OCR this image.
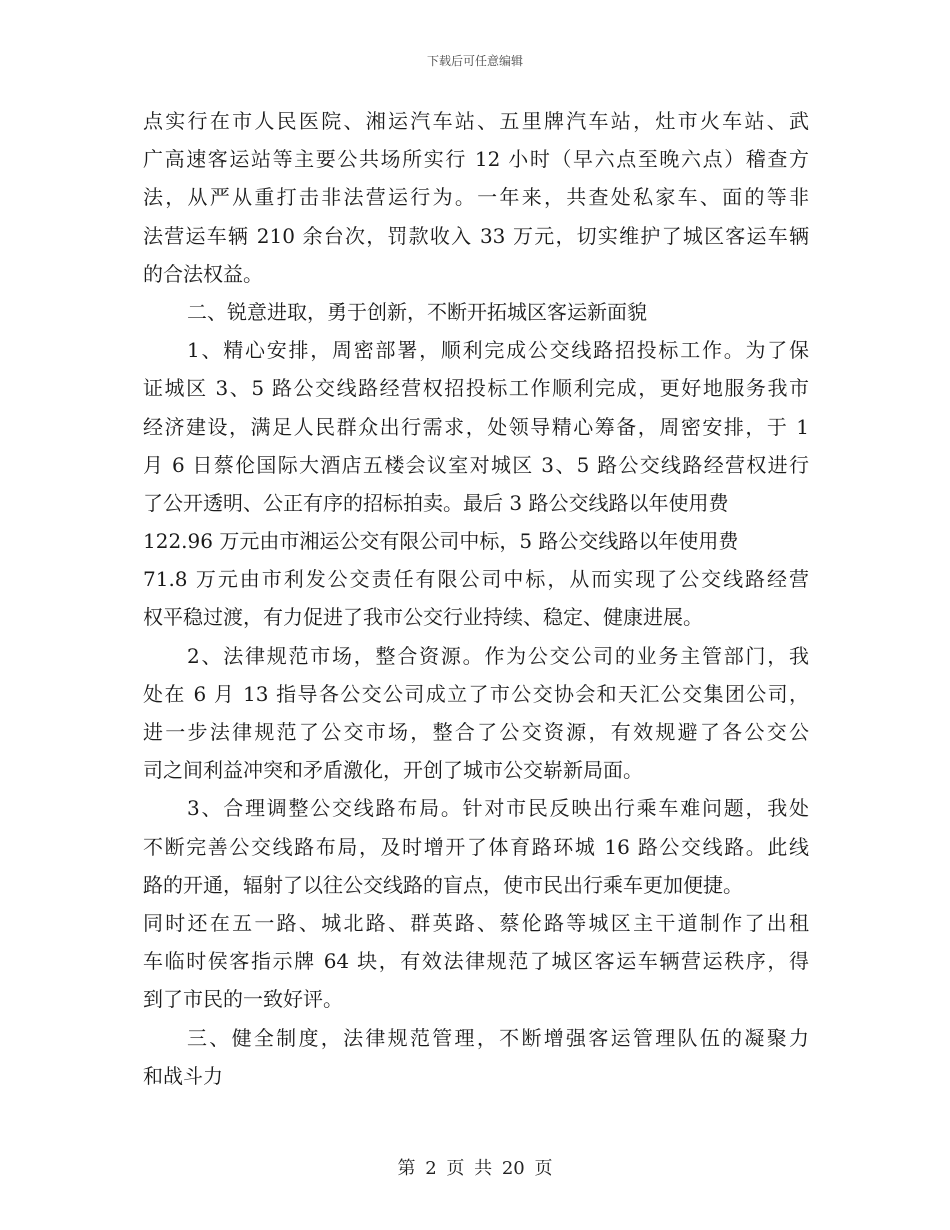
下载后可任意编辑
点实行在市人民医院、湘运汽车站、五里牌汽车站，灶市火车站、武
广高速客运站等主要公共场所实行 12 小时（早六点至晚六点）稽查方
法，从严从重打击非法营运行为。一年来，共查处私家车、面的等非
法营运车辆 210 余台次，罚款收入 33 万元，切实维护了城区客运车辆
的合法权益。
二、锐意进取，勇于创新，不断开拓城区客运新面貌
1、精心安排，周密部署，顺利完成公交线路招投标工作。为了保
证城区 3、5 路公交线路经营权招投标工作顺利完成，更好地服务我市
经济建设，满足人民群众出行需求，处领导精心筹备，周密安排，于 1
月 6 日蔡伦国际大酒店五楼会议室对城区 3、5 路公交线路经营权进行
了公开透明、公正有序的招标拍卖。最后 3 路公交线路以年使用费
122.96 万元由市湘运公交有限公司中标，5 路公交线路以年使用费
71.8 万元由市利发公交责任有限公司中标，从而实现了公交线路经营
权平稳过渡，有力促进了我市公交行业持续、稳定、健康进展。
2、法律规范市场，整合资源。作为公交公司的业务主管部门，我
处在 6 月 13 指导各公交公司成立了市公交协会和天汇公交集团公司，
进一步法律规范了公交市场，整合了公交资源，有效规避了各公交公
司之间利益冲突和矛盾激化，开创了城市公交崭新局面。
3、合理调整公交线路布局。针对市民反映出行乘车难问题，我处
不断完善公交线路布局，及时增开了体育路环城 16 路公交线路。此线
路的开通，辐射了以往公交线路的盲点，使市民出行乘车更加便捷。
同时还在五一路、城北路、群英路、蔡伦路等城区主干道制作了出租
车临时侯客指示牌 64 块，有效法律规范了城区客运车辆营运秩序，得
到了市民的一致好评。
三、健全制度，法律规范管理，不断增强客运管理队伍的凝聚力
和战斗力
第 2 页 共 20 页
